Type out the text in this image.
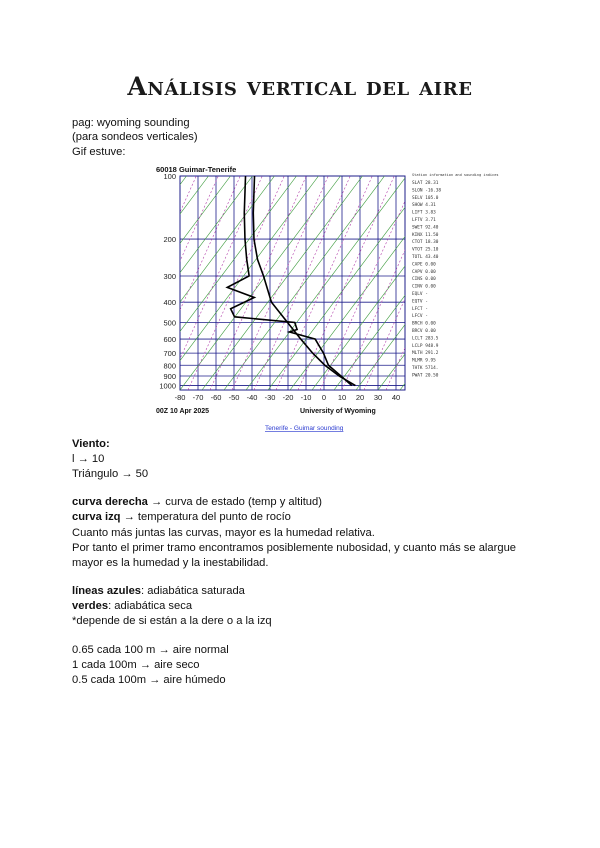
Análisis vertical del aire
pag: wyoming sounding
(para sondeos verticales)
Gif estuve:
100
200
300
400
500
600
700
800
900
1000
-80 -70 -60 -50 -40 -30 -20 -10 0 10 20 30 40
60018 Guimar-Tenerife
00Z 10 Apr 2025	University of Wyoming
Tenerife - Guimar sounding
Station information and sounding indices
SLAT 28.31
SLON -16.38
SELV 105.0
SHOW 4.31
LIFT 3.83
LFTV 3.71
SWET 92.40
KINX 11.50
CTOT 18.30
VTOT 25.10
TOTL 43.40
CAPE 0.00
CAPV 0.00
CINS 0.00
CINV 0.00
EQLV -
EQTV -
LFCT -
LFCV -
BRCH 0.00
BRCV 0.00
LCLT 283.5
LCLP 948.9
MLTH 291.2
MLMR 9.95
THTK 5714.
PWAT 20.50
Viento:
l → 10
Triángulo → 50
curva derecha → curva de estado (temp y altitud)
curva izq → temperatura del punto de rocío
Cuanto más juntas las curvas, mayor es la humedad relativa.
Por tanto el primer tramo encontramos posiblemente nubosidad, y cuanto más se alargue
mayor es la humedad y la inestabilidad.
líneas azules: adiabática saturada
verdes: adiabática seca
*depende de si están a la dere o a la izq
0.65 cada 100 m → aire normal
1 cada 100m → aire seco
0.5 cada 100m → aire húmedo
